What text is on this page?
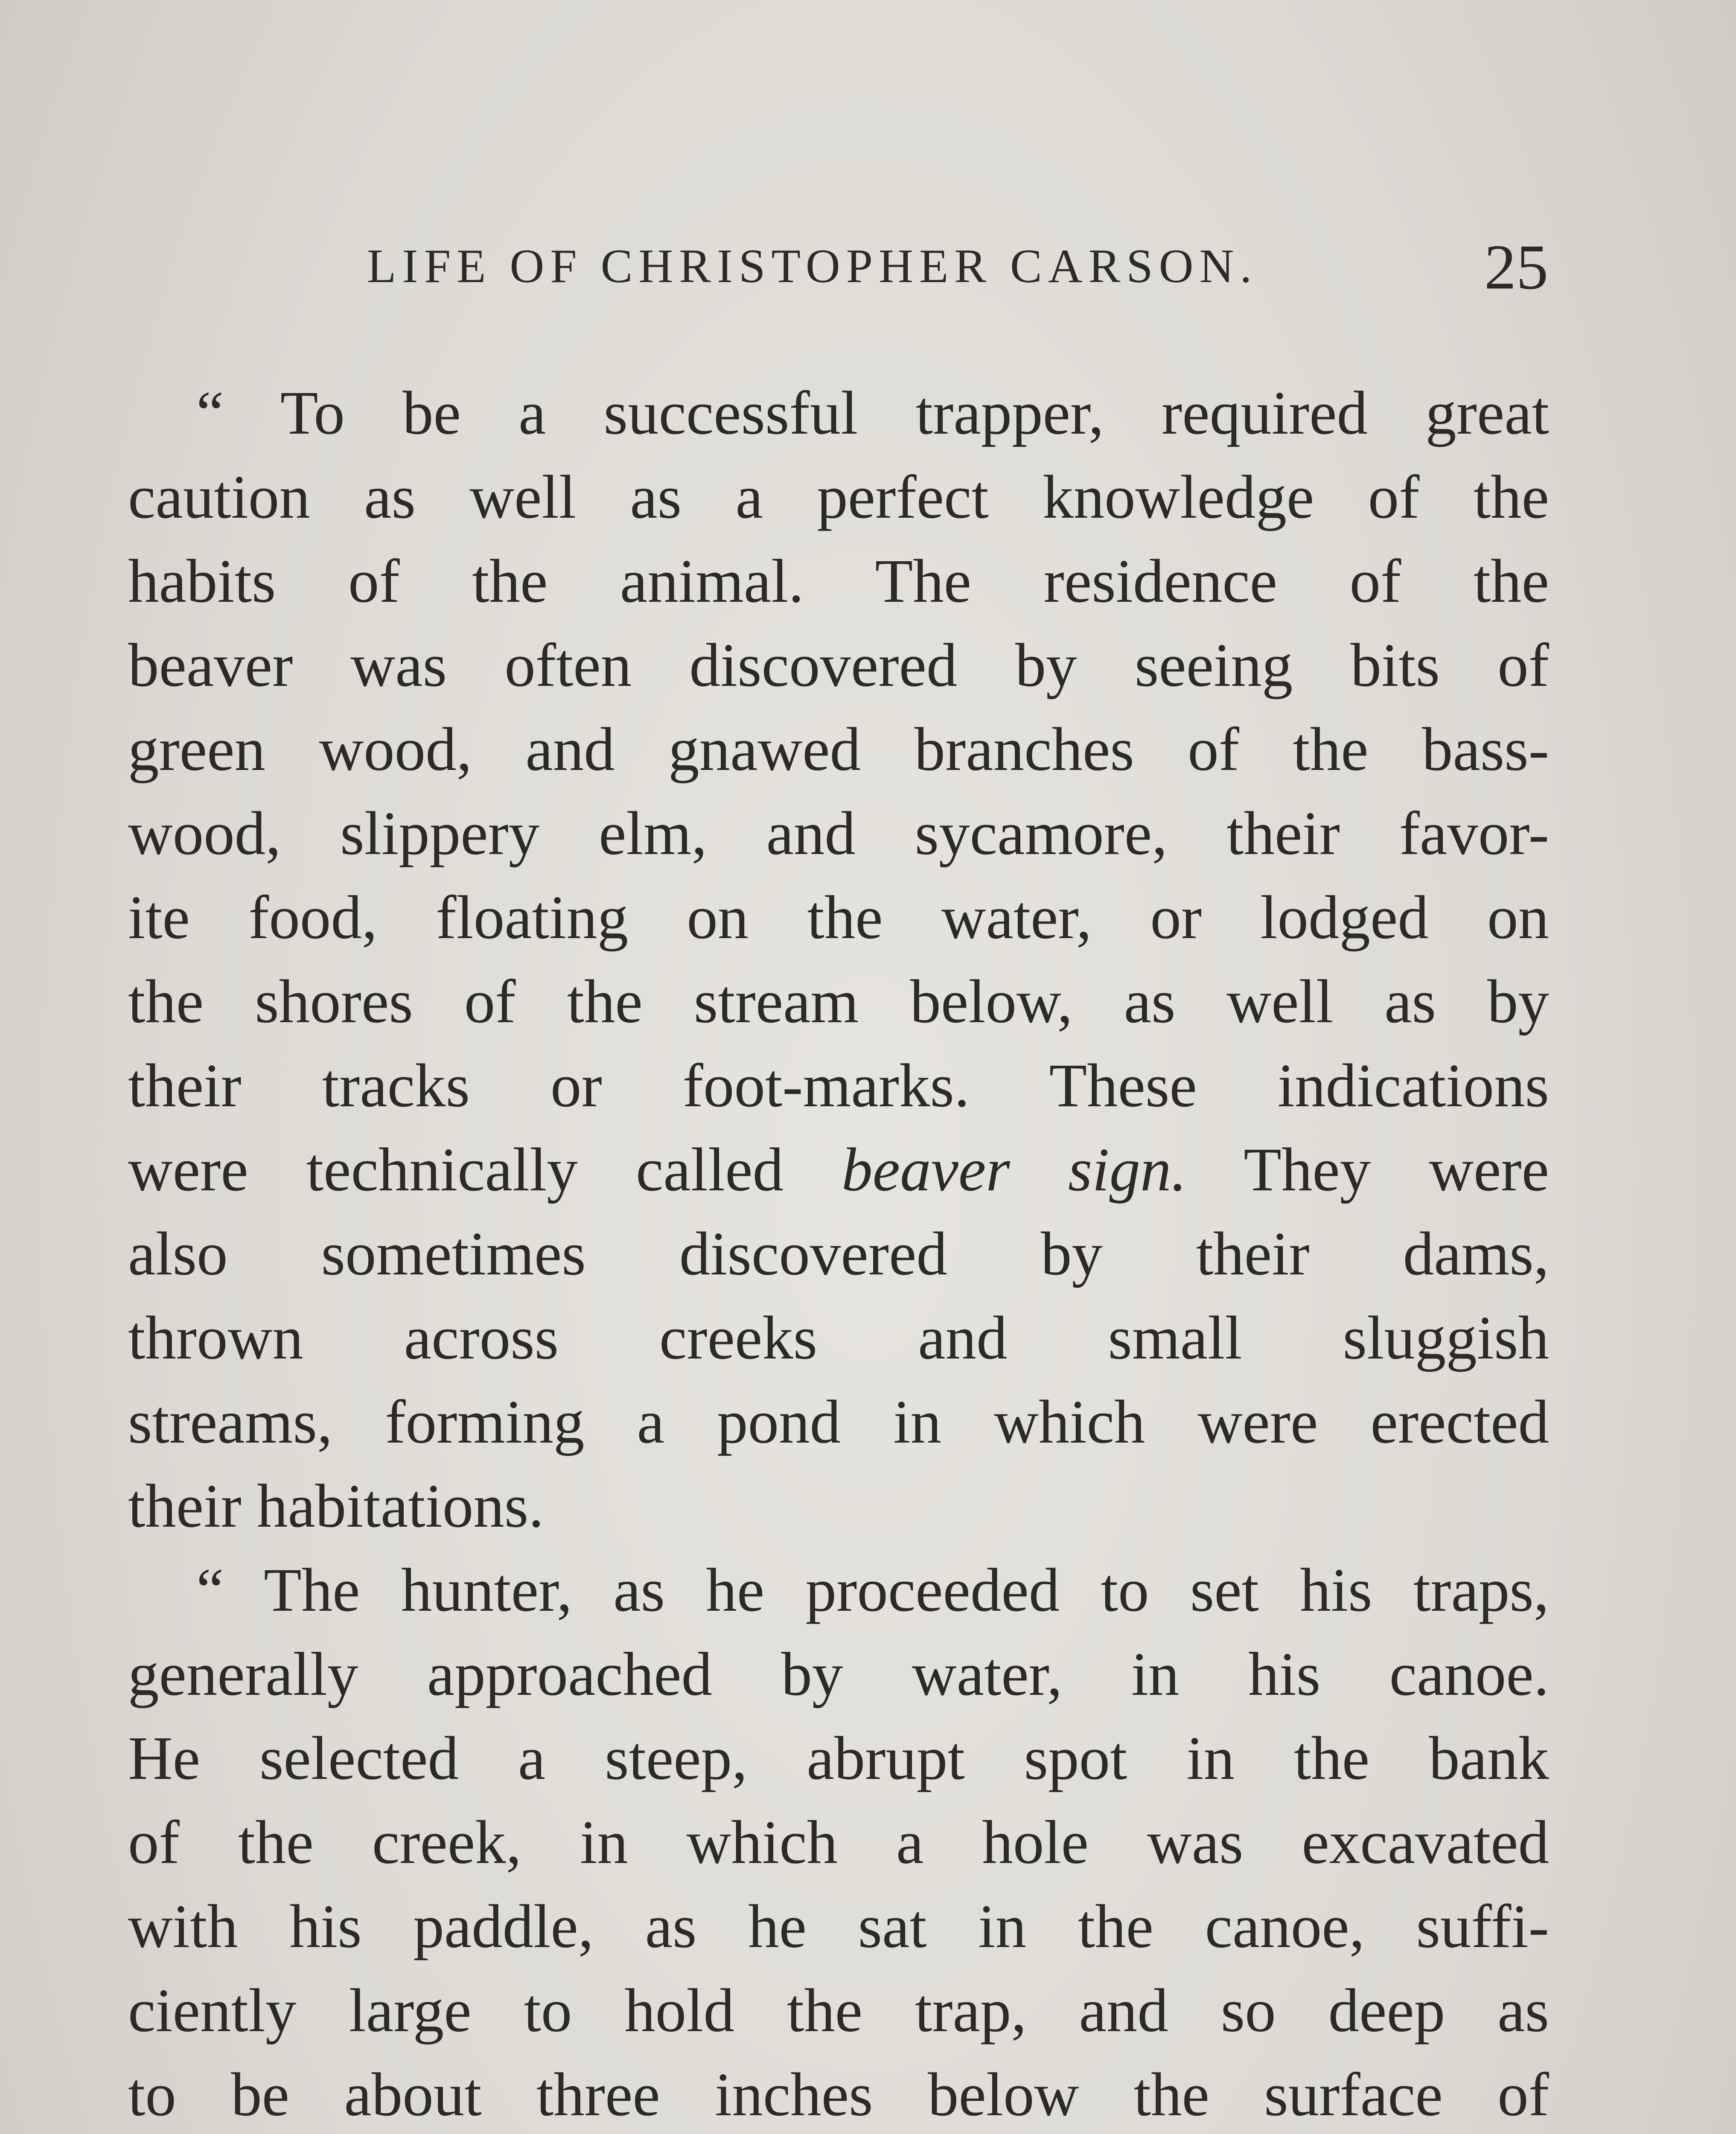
LIFE OF CHRISTOPHER CARSON.	25
“ To be a successful trapper, required great
caution as well as a perfect knowledge of the
habits of the animal. The residence of the
beaver was often discovered by seeing bits of
green wood, and gnawed branches of the bass-
wood, slippery elm, and sycamore, their favor-
ite food, floating on the water, or lodged on
the shores of the stream below, as well as by
their tracks or foot-marks. These indications
were technically called beaver sign. They were
also sometimes discovered by their dams,
thrown across creeks and small sluggish
streams, forming a pond in which were erected
their habitations.
“ The hunter, as he proceeded to set his traps,
generally approached by water, in his canoe.
He selected a steep, abrupt spot in the bank
of the creek, in which a hole was excavated
with his paddle, as he sat in the canoe, suffi-
ciently large to hold the trap, and so deep as
to be about three inches below the surface of
